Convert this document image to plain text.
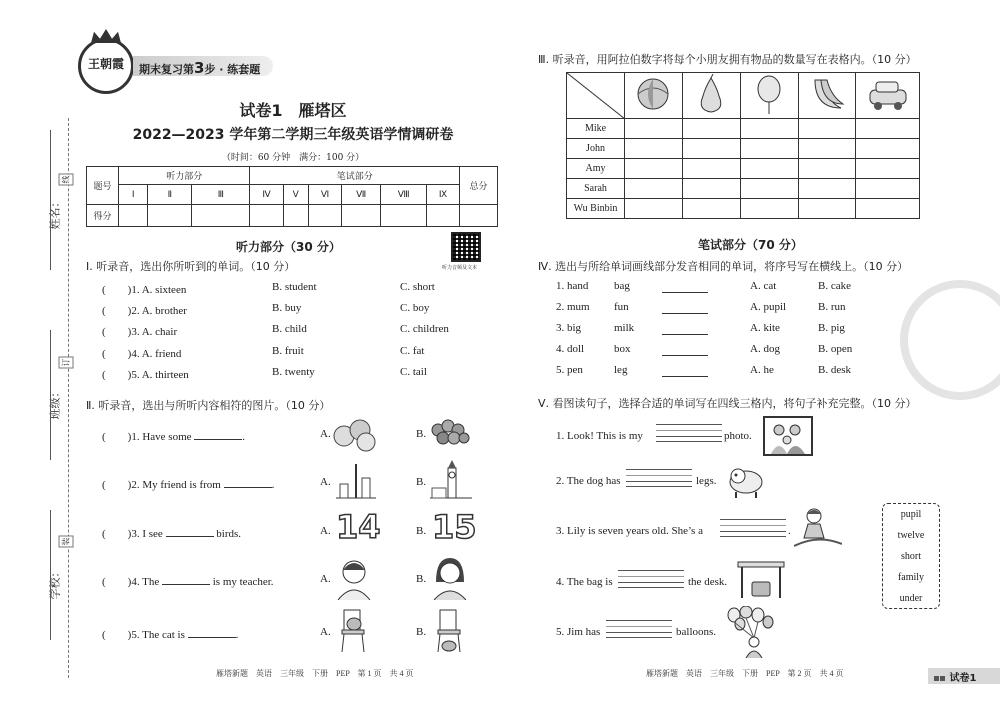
姓名：
班级：
学校：
线
订
装
王朝霞	期末复习第3步 · 练套题
试卷1　雁塔区
2022—2023 学年第二学期三年级英语学情调研卷
（时间：60 分钟　满分：100 分）
题号	听力部分			笔试部分						总分
	Ⅰ	Ⅱ	Ⅲ	Ⅳ	Ⅴ	Ⅵ	Ⅶ	Ⅷ	Ⅸ	
得分										
听力部分（30 分）
听力音频及文本
Ⅰ. 听录音，选出你所听到的单词。（10 分）
(　　)1. A. sixteen	B. student	C. short
(　　)2. A. brother	B. buy	C. boy
(　　)3. A. chair	B. child	C. children
(　　)4. A. friend	B. fruit	C. fat
(　　)5. A. thirteen	B. twenty	C. tail
Ⅱ. 听录音，选出与所听内容相符的图片。（10 分）
(　　)1. Have some	.	A.	B.
(　　)2. My friend is from	.	A.	B.
(　　)3. I see	birds.	A. 14	B. 15
(　　)4. The	is my teacher.	A.	B.
(　　)5. The cat is	.	A.	B.
雁塔新题　英语　三年级　下册　PEP　第 1 页　共 4 页
Ⅲ. 听录音，用阿拉伯数字将每个小朋友拥有物品的数量写在表格内。（10 分）

Mike					
John					
Amy					
Sarah					
Wu Binbin					
笔试部分（70 分）
Ⅳ. 选出与所给单词画线部分发音相同的单词，将序号写在横线上。（10 分）
1. hand bag	A. cat	B. cake
2. mum fun	A. pupil	B. run
3. big	milk	A. kite	B. pig
4. doll	box	A. dog	B. open
5. pen	leg	A. he	B. desk
Ⅴ. 看图读句子，选择合适的单词写在四线三格内，将句子补充完整。（10 分）
1. Look! This is my	photo.
2. The dog has	legs.
3. Lily is seven years old. She’s a	.
4. The bag is	the desk.
5. Jim has	balloons.
pupil
twelve
short
family
under
雁塔新题　英语　三年级　下册　PEP　第 2 页　共 4 页	试卷1
